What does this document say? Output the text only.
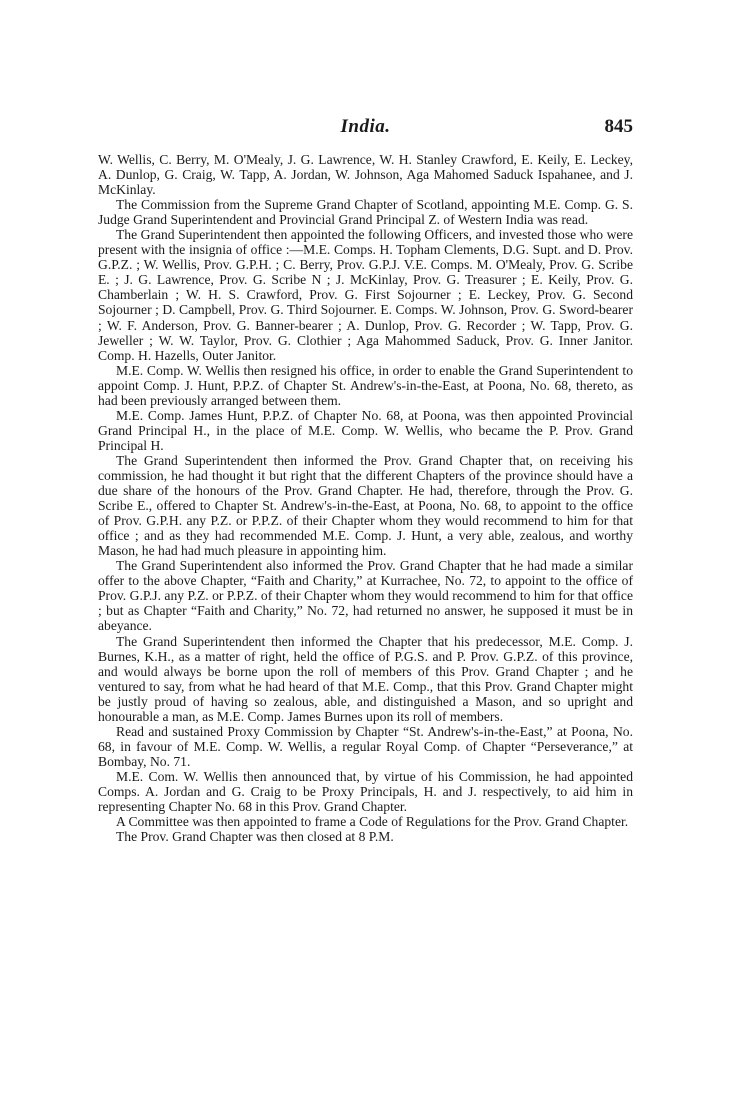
India.	845

W. Wellis, C. Berry, M. O'Mealy, J. G. Lawrence, W. H. Stanley Crawford, E. Keily, E. Leckey, A. Dunlop, G. Craig, W. Tapp, A. Jordan, W. Johnson, Aga Mahomed Saduck Ispahanee, and J. McKinlay.

The Commission from the Supreme Grand Chapter of Scotland, appointing M.E. Comp. G. S. Judge Grand Superintendent and Provincial Grand Principal Z. of Western India was read.

The Grand Superintendent then appointed the following Officers, and invested those who were present with the insignia of office :—M.E. Comps. H. Topham Clements, D.G. Supt. and D. Prov. G.P.Z. ; W. Wellis, Prov. G.P.H. ; C. Berry, Prov. G.P.J. V.E. Comps. M. O'Mealy, Prov. G. Scribe E. ; J. G. Lawrence, Prov. G. Scribe N ; J. McKinlay, Prov. G. Treasurer ; E. Keily, Prov. G. Chamberlain ; W. H. S. Crawford, Prov. G. First Sojourner ; E. Leckey, Prov. G. Second Sojourner ; D. Campbell, Prov. G. Third Sojourner. E. Comps. W. Johnson, Prov. G. Sword-bearer ; W. F. Anderson, Prov. G. Banner-bearer ; A. Dunlop, Prov. G. Recorder ; W. Tapp, Prov. G. Jeweller ; W. W. Taylor, Prov. G. Clothier ; Aga Mahommed Saduck, Prov. G. Inner Janitor. Comp. H. Hazells, Outer Janitor.

M.E. Comp. W. Wellis then resigned his office, in order to enable the Grand Superintendent to appoint Comp. J. Hunt, P.P.Z. of Chapter St. Andrew's-in-the-East, at Poona, No. 68, thereto, as had been previously arranged between them.

M.E. Comp. James Hunt, P.P.Z. of Chapter No. 68, at Poona, was then appointed Provincial Grand Principal H., in the place of M.E. Comp. W. Wellis, who became the P. Prov. Grand Principal H.

The Grand Superintendent then informed the Prov. Grand Chapter that, on receiving his commission, he had thought it but right that the different Chapters of the province should have a due share of the honours of the Prov. Grand Chapter. He had, therefore, through the Prov. G. Scribe E., offered to Chapter St. Andrew's-in-the-East, at Poona, No. 68, to appoint to the office of Prov. G.P.H. any P.Z. or P.P.Z. of their Chapter whom they would recommend to him for that office ; and as they had recommended M.E. Comp. J. Hunt, a very able, zealous, and worthy Mason, he had had much pleasure in appointing him.

The Grand Superintendent also informed the Prov. Grand Chapter that he had made a similar offer to the above Chapter, “Faith and Charity,” at Kurrachee, No. 72, to appoint to the office of Prov. G.P.J. any P.Z. or P.P.Z. of their Chapter whom they would recommend to him for that office ; but as Chapter “Faith and Charity,” No. 72, had returned no answer, he supposed it must be in abeyance.

The Grand Superintendent then informed the Chapter that his predecessor, M.E. Comp. J. Burnes, K.H., as a matter of right, held the office of P.G.S. and P. Prov. G.P.Z. of this province, and would always be borne upon the roll of members of this Prov. Grand Chapter ; and he ventured to say, from what he had heard of that M.E. Comp., that this Prov. Grand Chapter might be justly proud of having so zealous, able, and distinguished a Mason, and so upright and honourable a man, as M.E. Comp. James Burnes upon its roll of members.

Read and sustained Proxy Commission by Chapter “St. Andrew's-in-the-East,” at Poona, No. 68, in favour of M.E. Comp. W. Wellis, a regular Royal Comp. of Chapter “Perseverance,” at Bombay, No. 71.

M.E. Com. W. Wellis then announced that, by virtue of his Commission, he had appointed Comps. A. Jordan and G. Craig to be Proxy Principals, H. and J. respectively, to aid him in representing Chapter No. 68 in this Prov. Grand Chapter.

A Committee was then appointed to frame a Code of Regulations for the Prov. Grand Chapter.

The Prov. Grand Chapter was then closed at 8 P.M.
